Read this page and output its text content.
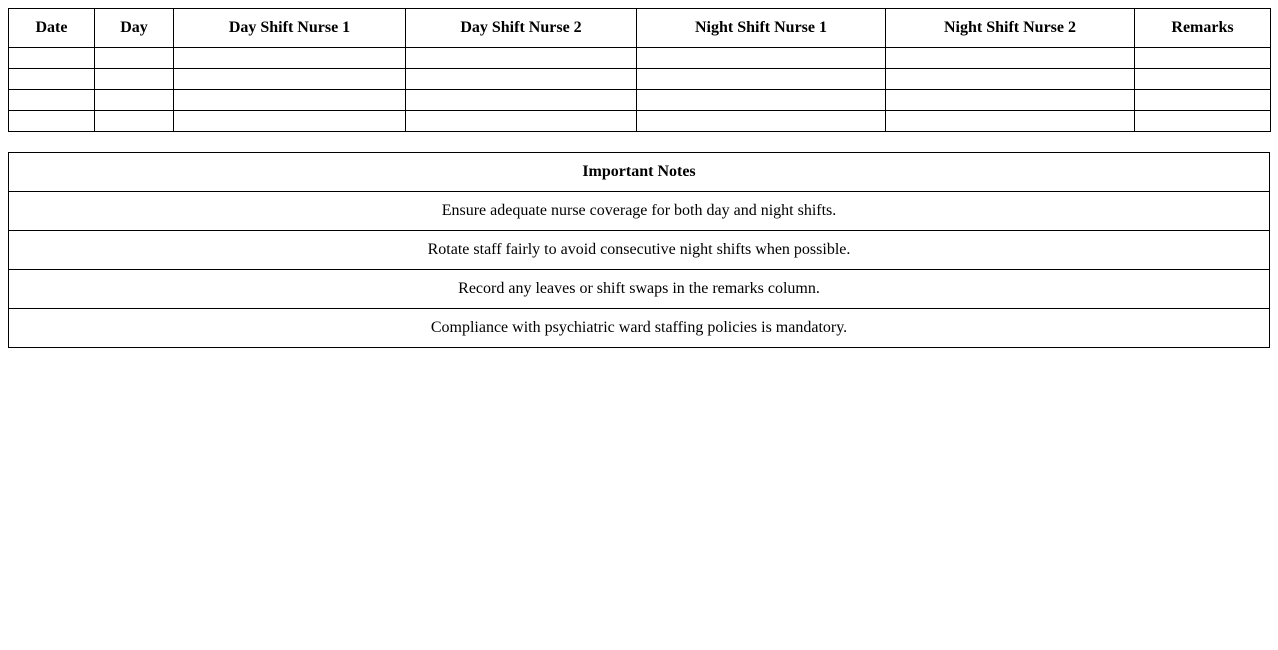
Date	Day	Day Shift Nurse 1	Day Shift Nurse 2	Night Shift Nurse 1	Night Shift Nurse 2	Remarks

Important Notes
Ensure adequate nurse coverage for both day and night shifts.
Rotate staff fairly to avoid consecutive night shifts when possible.
Record any leaves or shift swaps in the remarks column.
Compliance with psychiatric ward staffing policies is mandatory.
